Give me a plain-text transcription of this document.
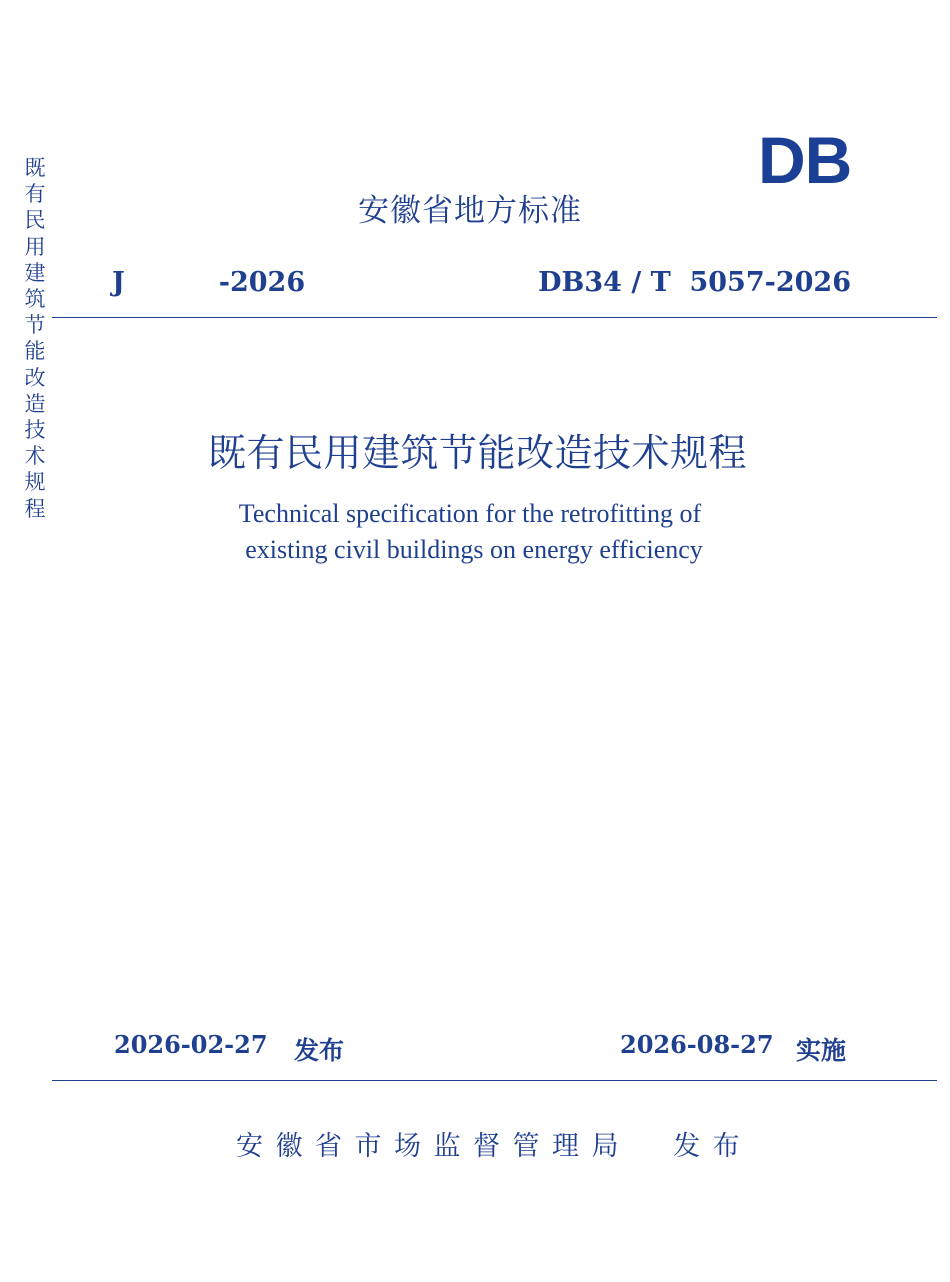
既
有
民
用
建
筑
节
能
改
造
技
术
规
程
DB
安徽省地方标准
J          -2026	DB34 / T  5057-2026
既有民用建筑节能改造技术规程
Technical specification for the retrofitting of
existing civil buildings on energy efficiency
2026-02-27 发布	2026-08-27 实施
安徽省市场监督管理局  发布
